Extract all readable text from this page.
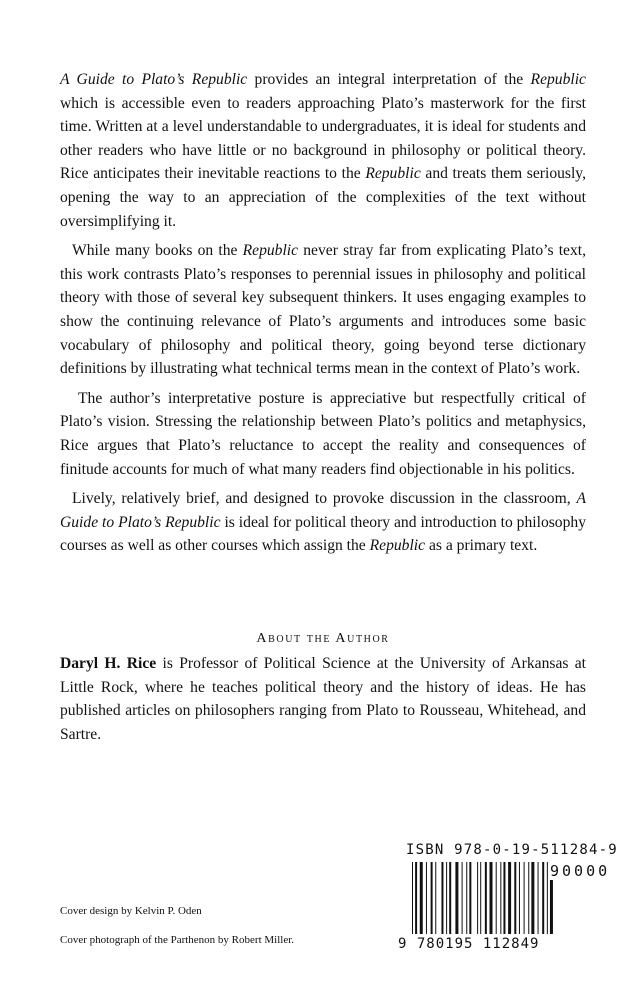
A Guide to Plato’s Republic provides an integral interpretation of the Republic which is accessible even to readers approaching Plato’s masterwork for the first time. Written at a level understandable to undergraduates, it is ideal for students and other readers who have little or no background in philosophy or political theory. Rice anticipates their inevitable reactions to the Republic and treats them seriously, opening the way to an appreciation of the complexities of the text without oversimplifying it.

While many books on the Republic never stray far from explicating Plato’s text, this work contrasts Plato’s responses to perennial issues in philosophy and political theory with those of several key subsequent thinkers. It uses engaging examples to show the continuing relevance of Plato’s arguments and introduces some basic vocabulary of philosophy and political theory, going beyond terse dictionary definitions by illustrating what technical terms mean in the context of Plato’s work.

The author’s interpretative posture is appreciative but respectfully critical of Plato’s vision. Stressing the relationship between Plato’s politics and metaphysics, Rice argues that Plato’s reluctance to accept the reality and consequences of finitude accounts for much of what many readers find objectionable in his politics.

Lively, relatively brief, and designed to provoke discussion in the classroom, A Guide to Plato’s Republic is ideal for political theory and introduction to philosophy courses as well as other courses which assign the Republic as a primary text.

About the Author

Daryl H. Rice is Professor of Political Science at the University of Arkansas at Little Rock, where he teaches political theory and the history of ideas. He has published articles on philosophers ranging from Plato to Rousseau, Whitehead, and Sartre.

Cover design by Kelvin P. Oden
Cover photograph of the Parthenon by Robert Miller.
ISBN 978-0-19-511284-9
90000
9 780195 112849
